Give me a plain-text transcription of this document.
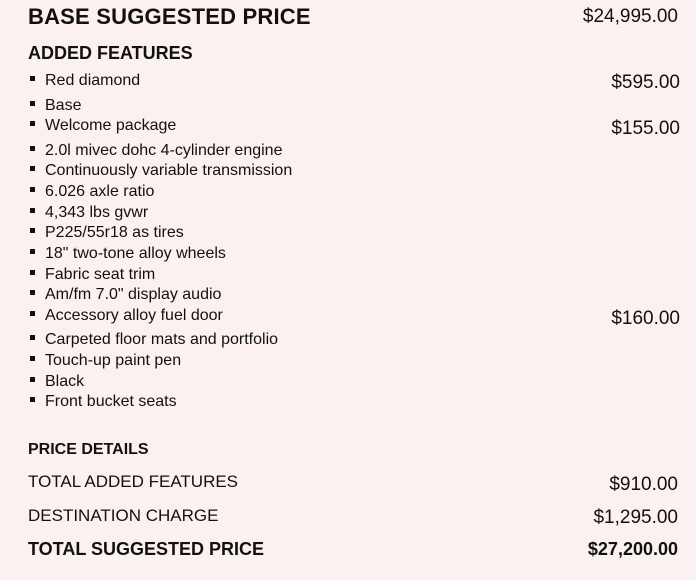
BASE SUGGESTED PRICE	$24,995.00
ADDED FEATURES
Red diamond	$595.00
Base
Welcome package	$155.00
2.0l mivec dohc 4-cylinder engine
Continuously variable transmission
6.026 axle ratio
4,343 lbs gvwr
P225/55r18 as tires
18" two-tone alloy wheels
Fabric seat trim
Am/fm 7.0" display audio
Accessory alloy fuel door	$160.00
Carpeted floor mats and portfolio
Touch-up paint pen
Black
Front bucket seats
PRICE DETAILS
TOTAL ADDED FEATURES	$910.00
DESTINATION CHARGE	$1,295.00
TOTAL SUGGESTED PRICE	$27,200.00
